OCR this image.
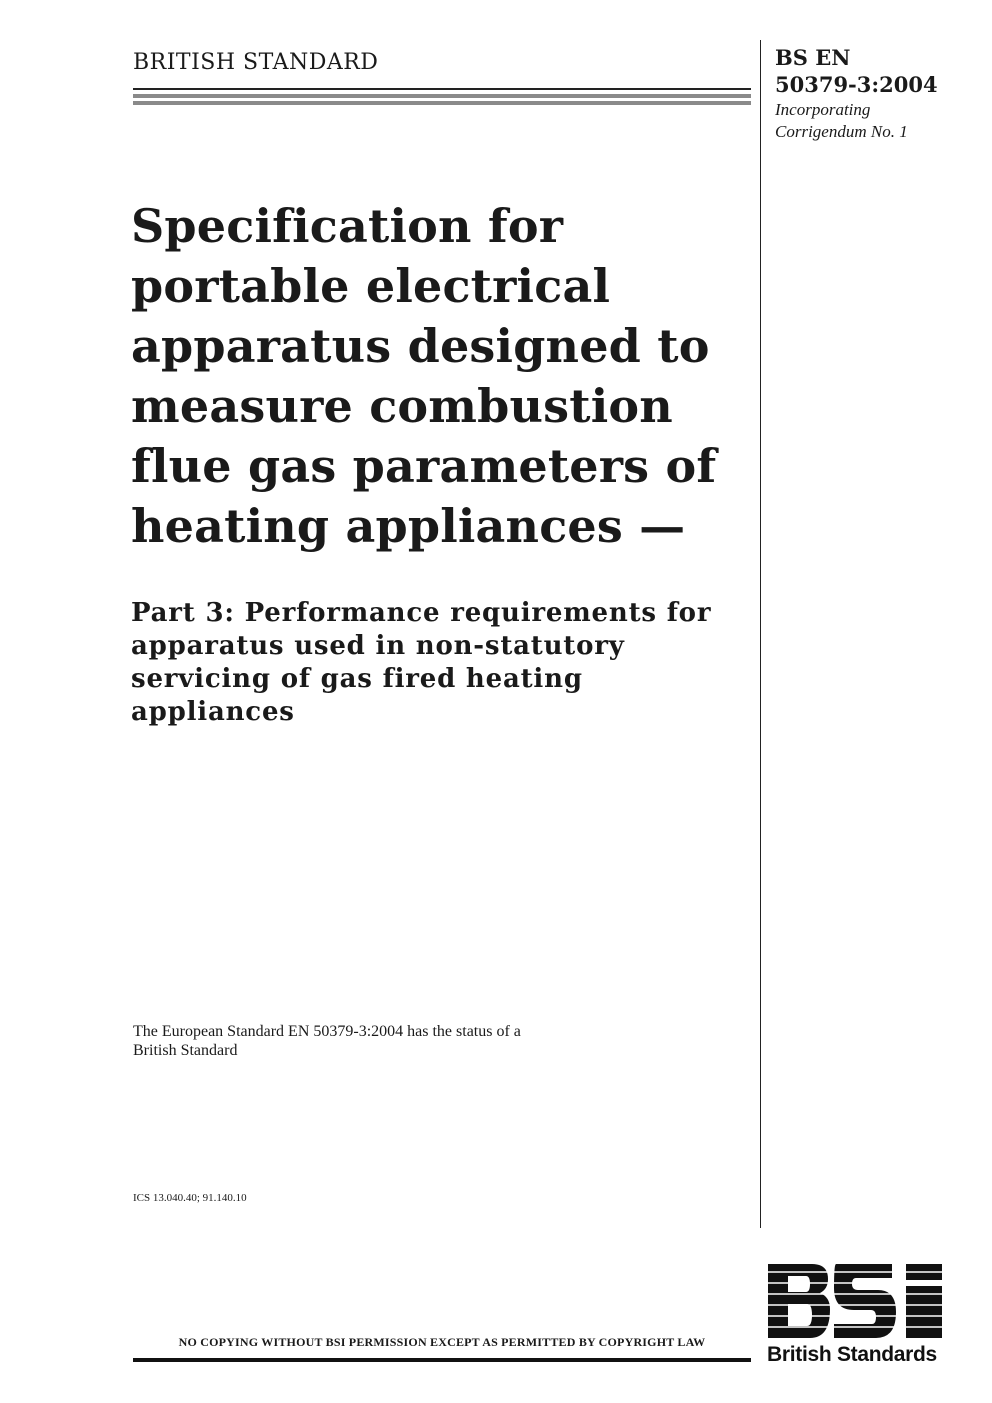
BRITISH STANDARD	BS EN
50379-3:2004
Incorporating
Corrigendum No. 1
Specification for
portable electrical
apparatus designed to
measure combustion
flue gas parameters of
heating appliances —
Part 3: Performance requirements for
apparatus used in non-statutory
servicing of gas fired heating
appliances
The European Standard EN 50379-3:2004 has the status of a
British Standard
ICS 13.040.40; 91.140.10
NO COPYING WITHOUT BSI PERMISSION EXCEPT AS PERMITTED BY COPYRIGHT LAW
British Standards
